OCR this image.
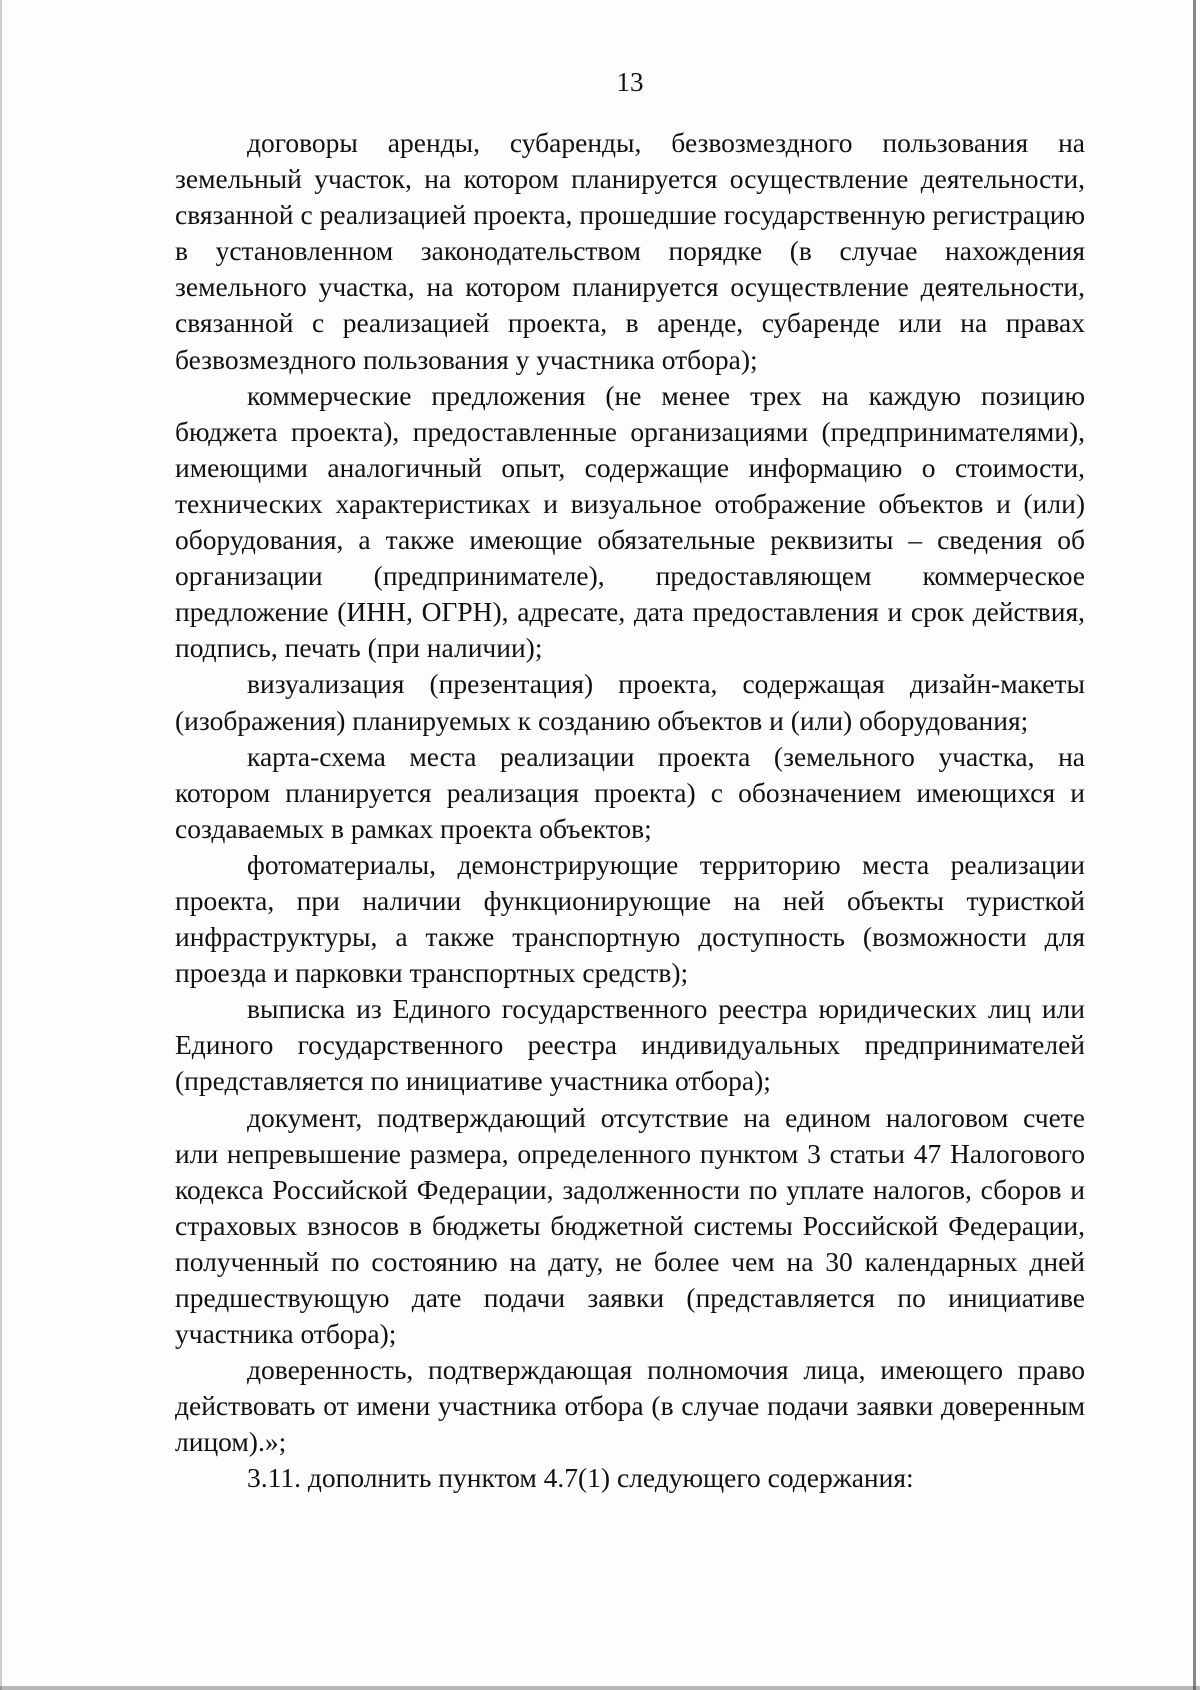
13

договоры аренды, субаренды, безвозмездного пользования на земельный участок, на котором планируется осуществление деятельности, связанной с реализацией проекта, прошедшие государственную регистрацию в установленном законодательством порядке (в случае нахождения земельного участка, на котором планируется осуществление деятельности, связанной с реализацией проекта, в аренде, субаренде или на правах безвозмездного пользования у участника отбора);

коммерческие предложения (не менее трех на каждую позицию бюджета проекта), предоставленные организациями (предпринимателями), имеющими аналогичный опыт, содержащие информацию о стоимости, технических характеристиках и визуальное отображение объектов и (или) оборудования, а также имеющие обязательные реквизиты – сведения об организации (предпринимателе), предоставляющем коммерческое предложение (ИНН, ОГРН), адресате, дата предоставления и срок действия, подпись, печать (при наличии);

визуализация (презентация) проекта, содержащая дизайн-макеты (изображения) планируемых к созданию объектов и (или) оборудования;

карта-схема места реализации проекта (земельного участка, на котором планируется реализация проекта) с обозначением имеющихся и создаваемых в рамках проекта объектов;

фотоматериалы, демонстрирующие территорию места реализации проекта, при наличии функционирующие на ней объекты туристкой инфраструктуры, а также транспортную доступность (возможности для проезда и парковки транспортных средств);

выписка из Единого государственного реестра юридических лиц или Единого государственного реестра индивидуальных предпринимателей (представляется по инициативе участника отбора);

документ, подтверждающий отсутствие на едином налоговом счете или непревышение размера, определенного пунктом 3 статьи 47 Налогового кодекса Российской Федерации, задолженности по уплате налогов, сборов и страховых взносов в бюджеты бюджетной системы Российской Федерации, полученный по состоянию на дату, не более чем на 30 календарных дней предшествующую дате подачи заявки (представляется по инициативе участника отбора);

доверенность, подтверждающая полномочия лица, имеющего право действовать от имени участника отбора (в случае подачи заявки доверенным лицом).»;

3.11. дополнить пунктом 4.7(1) следующего содержания:
